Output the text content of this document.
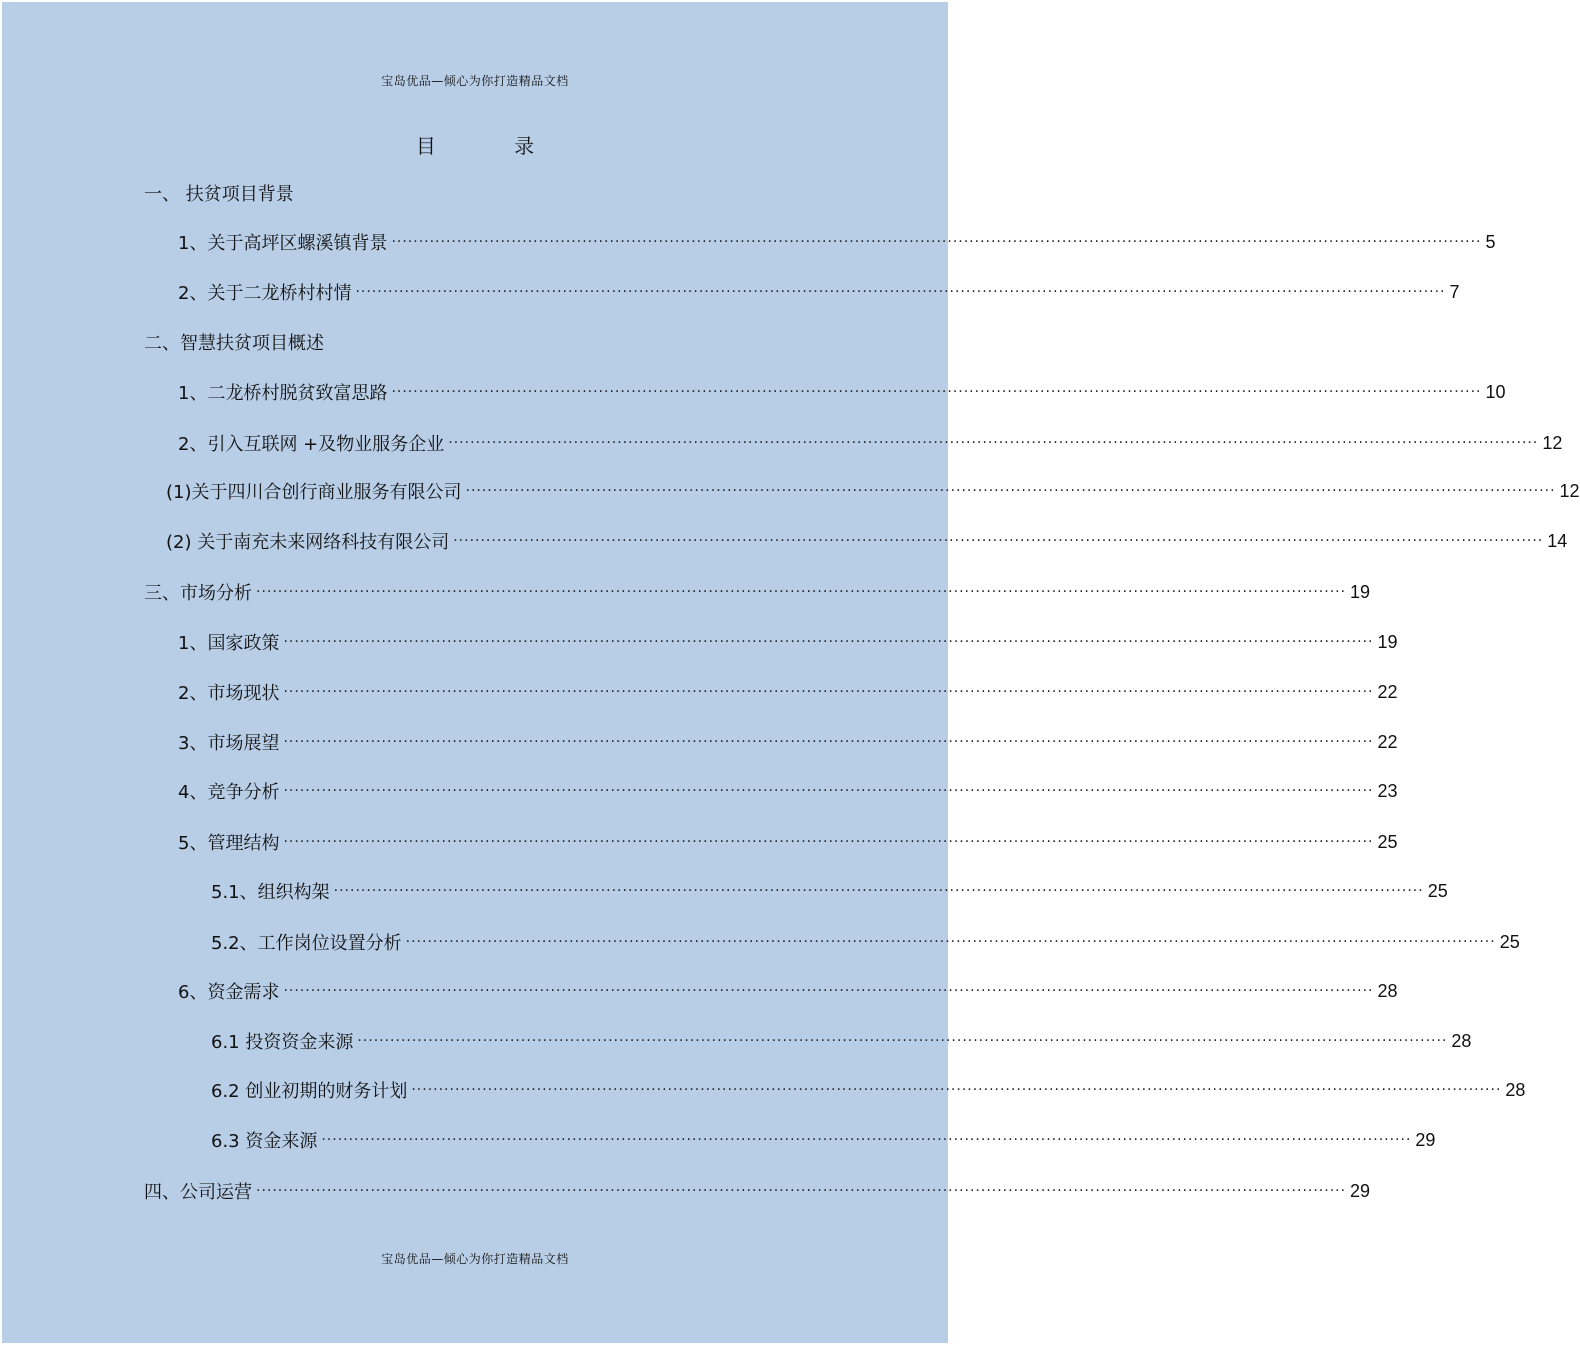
宝岛优品—倾心为你打造精品文档
目 录
一、 扶贫项目背景
1、关于高坪区螺溪镇背景 ········································································································································································································ 5
2、关于二龙桥村村情 ········································································································································································································ 7
二、智慧扶贫项目概述
1、二龙桥村脱贫致富思路 ········································································································································································································ 10
2、引入互联网 +及物业服务企业 ········································································································································································································ 12
(1)关于四川合创行商业服务有限公司 ········································································································································································································ 12
(2) 关于南充未来网络科技有限公司 ········································································································································································································ 14
三、市场分析 ········································································································································································································ 19
1、国家政策 ········································································································································································································ 19
2、市场现状 ········································································································································································································ 22
3、市场展望 ········································································································································································································ 22
4、竞争分析 ········································································································································································································ 23
5、管理结构 ········································································································································································································ 25
5.1、组织构架 ········································································································································································································ 25
5.2、工作岗位设置分析 ········································································································································································································ 25
6、资金需求 ········································································································································································································ 28
6.1 投资资金来源 ········································································································································································································ 28
6.2 创业初期的财务计划 ········································································································································································································ 28
6.3 资金来源 ········································································································································································································ 29
四、公司运营 ········································································································································································································ 29
宝岛优品—倾心为你打造精品文档
